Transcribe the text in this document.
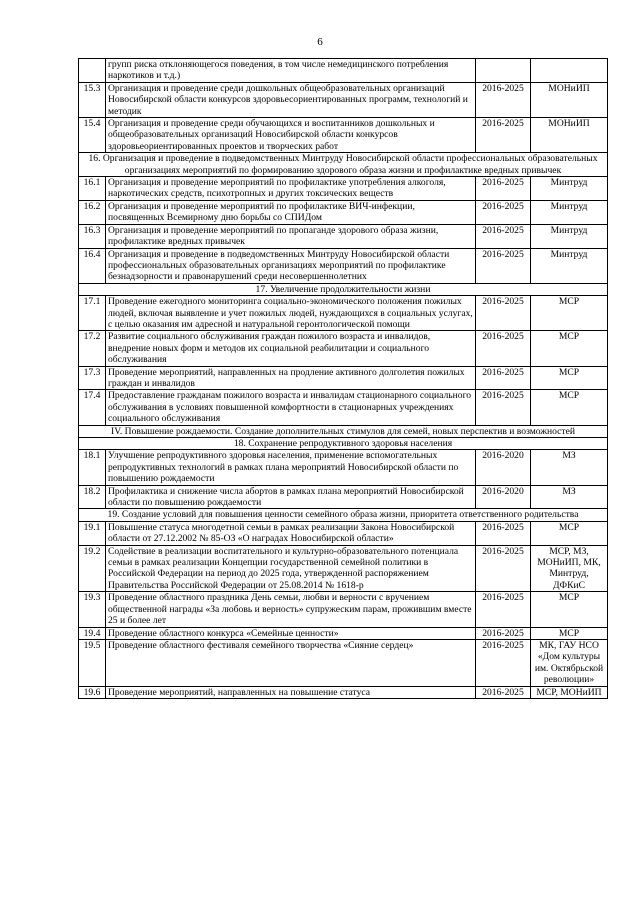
6
	групп риска отклоняющегося поведения, в том числе немедицинского потребления наркотиков и т.д.)		
15.3	Организация и проведение среди дошкольных общеобразовательных организаций Новосибирской области конкурсов здоровьесориентированных программ, технологий и методик	2016-2025	МОНиИП
15.4	Организация и проведение среди обучающихся и воспитанников дошкольных и общеобразовательных организаций Новосибирской области конкурсов здоровьеориентированных проектов и творческих работ	2016-2025	МОНиИП
16. Организация и проведение в подведомственных Минтруду Новосибирской области профессиональных образовательных организациях мероприятий по формированию здорового образа жизни и профилактике вредных привычек			
16.1	Организация и проведение мероприятий по профилактике употребления алкоголя, наркотических средств, психотропных и других токсических веществ	2016-2025	Минтруд
16.2	Организация и проведение мероприятий по профилактике ВИЧ-инфекции, посвященных Всемирному дню борьбы со СПИДом	2016-2025	Минтруд
16.3	Организация и проведение мероприятий по пропаганде здорового образа жизни, профилактике вредных привычек	2016-2025	Минтруд
16.4	Организация и проведение в подведомственных Минтруду Новосибирской области профессиональных образовательных организациях мероприятий по профилактике безнадзорности и правонарушений среди несовершеннолетних	2016-2025	Минтруд
17. Увеличение продолжительности жизни			
17.1	Проведение ежегодного мониторинга социально-экономического положения пожилых людей, включая выявление и учет пожилых людей, нуждающихся в социальных услугах, с целью оказания им адресной и натуральной геронтологической помощи	2016-2025	МСР
17.2	Развитие социального обслуживания граждан пожилого возраста и инвалидов, внедрение новых форм и методов их социальной реабилитации и социального обслуживания	2016-2025	МСР
17.3	Проведение мероприятий, направленных на продление активного долголетия пожилых граждан и инвалидов	2016-2025	МСР
17.4	Предоставление гражданам пожилого возраста и инвалидам стационарного социального обслуживания в условиях повышенной комфортности в стационарных учреждениях социального обслуживания	2016-2025	МСР
IV. Повышение рождаемости. Создание дополнительных стимулов для семей, новых перспектив и возможностей			
18. Сохранение репродуктивного здоровья населения			
18.1	Улучшение репродуктивного здоровья населения, применение вспомогательных репродуктивных технологий в рамках плана мероприятий Новосибирской области по повышению рождаемости	2016-2020	МЗ
18.2	Профилактика и снижение числа абортов в рамках плана мероприятий Новосибирской области по повышению рождаемости	2016-2020	МЗ
19. Создание условий для повышения ценности семейного образа жизни, приоритета ответственного родительства			
19.1	Повышение статуса многодетной семьи в рамках реализации Закона Новосибирской области от 27.12.2002 № 85-ОЗ «О наградах Новосибирской области»	2016-2025	МСР
19.2	Содействие в реализации воспитательного и культурно-образовательного потенциала семьи в рамках реализации Концепции государственной семейной политики в Российской Федерации на период до 2025 года, утвержденной распоряжением Правительства Российской Федерации от 25.08.2014 № 1618-р	2016-2025	МСР, МЗ, МОНиИП, МК, Минтруд, ДФКиС
19.3	Проведение областного праздника День семьи, любви и верности с вручением общественной награды «За любовь и верность» супружеским парам, прожившим вместе 25 и более лет	2016-2025	МСР
19.4	Проведение областного конкурса «Семейные ценности»	2016-2025	МСР
19.5	Проведение областного фестиваля семейного творчества «Сияние сердец»	2016-2025	МК, ГАУ НСО «Дом культуры им. Октябрьской революции»
19.6	Проведение мероприятий, направленных на повышение статуса	2016-2025	МСР, МОНиИП
